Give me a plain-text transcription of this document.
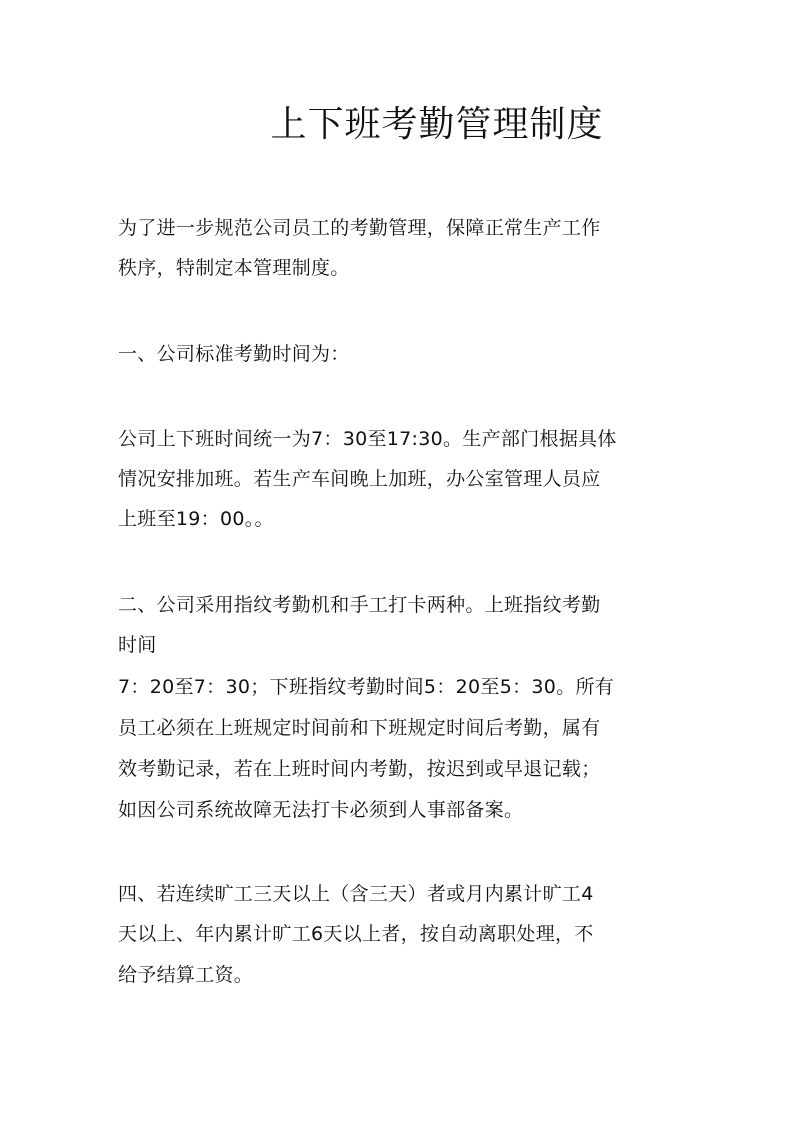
上下班考勤管理制度

为了进一步规范公司员工的考勤管理，保障正常生产工作

秩序，特制定本管理制度。

一、公司标准考勤时间为：

公司上下班时间统一为7：30至17:30。生产部门根据具体

情况安排加班。若生产车间晚上加班，办公室管理人员应

上班至19：00。。

二、公司采用指纹考勤机和手工打卡两种。上班指纹考勤

时间

7：20至7：30；下班指纹考勤时间5：20至5：30。所有

员工必须在上班规定时间前和下班规定时间后考勤，属有

效考勤记录，若在上班时间内考勤，按迟到或早退记载；

如因公司系统故障无法打卡必须到人事部备案。

四、若连续旷工三天以上（含三天）者或月内累计旷工4

天以上、年内累计旷工6天以上者，按自动离职处理，不

给予结算工资。
